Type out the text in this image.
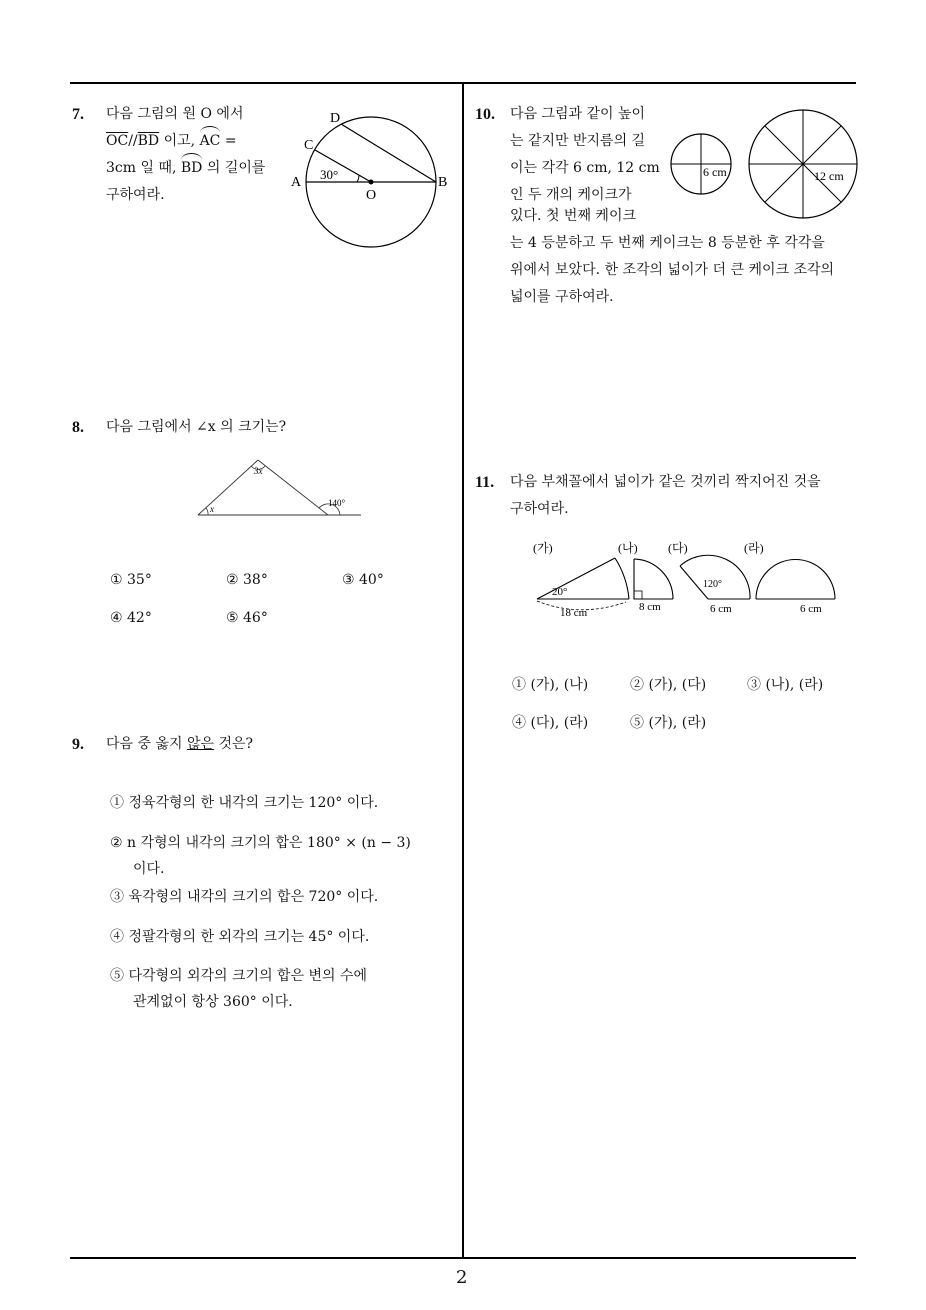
2
7. 다음 그림의 원 O 에서
$\overline{OC}//\overline{BD}$ 이고, AC =
3cm 일 때, BD 의 길이를
구하여라.
D
C
A	B
O
30°
8. 다음 그림에서 ∠x 의 크기는?
3x
x
140°
① 35°	② 38°	③ 40°
④ 42°	⑤ 46°
9. 다음 중 옳지 않은 것은?
① 정육각형의 한 내각의 크기는 120° 이다.
② n 각형의 내각의 크기의 합은 180° × (n − 3)
이다.
③ 육각형의 내각의 크기의 합은 720° 이다.
④ 정팔각형의 한 외각의 크기는 45° 이다.
⑤ 다각형의 외각의 크기의 합은 변의 수에
관계없이 항상 360° 이다.
10. 다음 그림과 같이 높이
는 같지만 반지름의 길
이는 각각 6 cm, 12 cm
인 두 개의 케이크가
있다. 첫 번째 케이크
는 4 등분하고 두 번째 케이크는 8 등분한 후 각각을
위에서 보았다. 한 조각의 넓이가 더 큰 케이크 조각의
넓이를 구하여라.
6 cm	12 cm
11. 다음 부채꼴에서 넓이가 같은 것끼리 짝지어진 것을
구하여라.
(가)	(나)	(다)	(라)
20°
18 cm	8 cm
120°
6 cm	6 cm
① (가), (나)	② (가), (다)	③ (나), (라)
④ (다), (라)	⑤ (가), (라)
